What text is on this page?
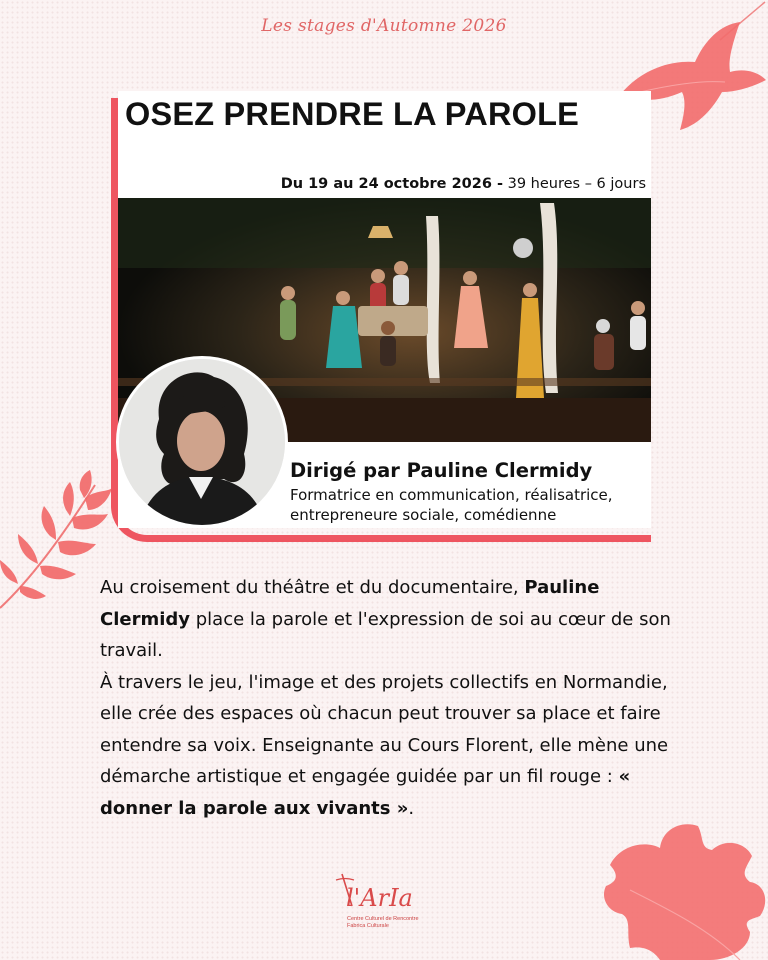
Les stages d'Automne 2026
OSEZ PRENDRE LA PAROLE
Du 19 au 24 octobre 2026 - 39 heures – 6 jours
Dirigé par Pauline Clermidy
Formatrice en communication, réalisatrice,
entrepreneure sociale, comédienne

Au croisement du théâtre et du documentaire, Pauline Clermidy place la parole et l'expression de soi au cœur de son travail.

À travers le jeu, l'image et des projets collectifs en Normandie, elle crée des espaces où chacun peut trouver sa place et faire entendre sa voix. Enseignante au Cours Florent, elle mène une démarche artistique et engagée guidée par un fil rouge : « donner la parole aux vivants ».

l'ArIa
Centre Culturel de Rencontre
Fabrica Culturale
